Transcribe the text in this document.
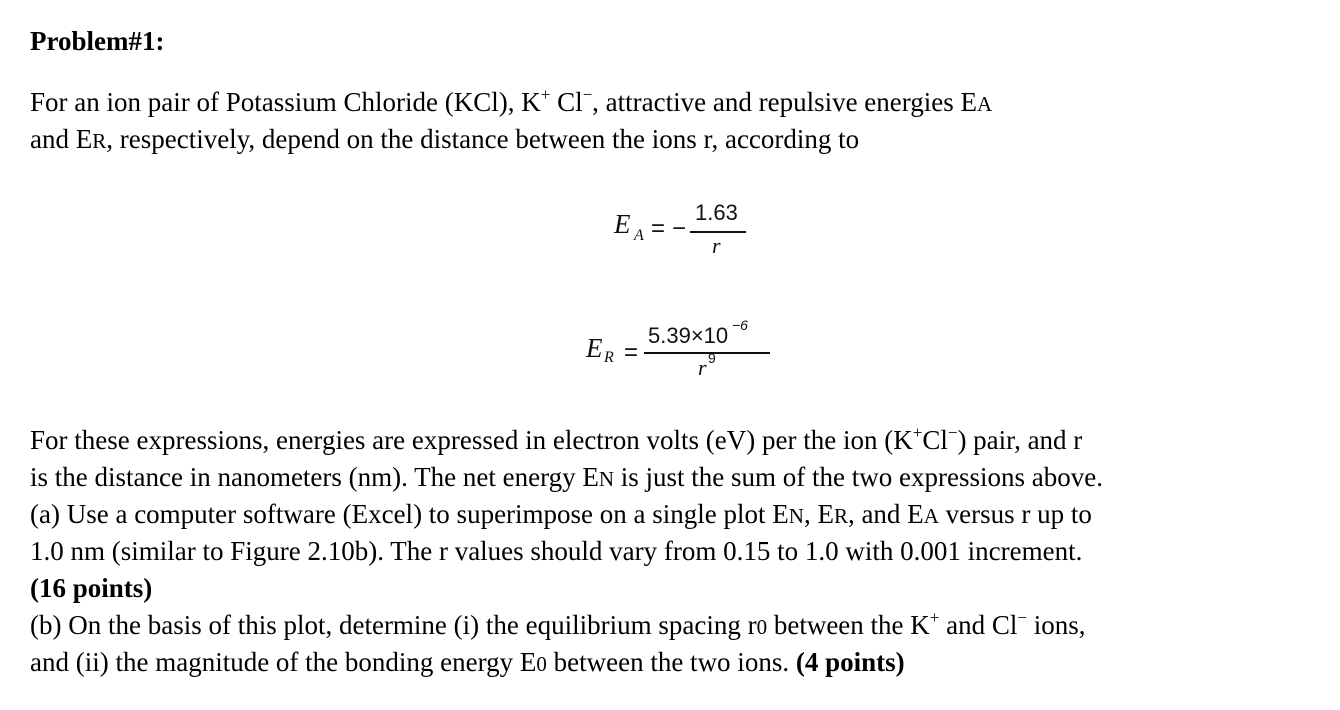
Problem#1:
For an ion pair of Potassium Chloride (KCl), K+ Cl−, attractive and repulsive energies EA
and ER, respectively, depend on the distance between the ions r, according to
E A = −
1.63
r
E R =
5.39×10 −6
r 9
For these expressions, energies are expressed in electron volts (eV) per the ion (K+Cl−) pair, and r
is the distance in nanometers (nm). The net energy EN is just the sum of the two expressions above.
(a) Use a computer software (Excel) to superimpose on a single plot EN, ER, and EA versus r up to
1.0 nm (similar to Figure 2.10b). The r values should vary from 0.15 to 1.0 with 0.001 increment.
(16 points)
(b) On the basis of this plot, determine (i) the equilibrium spacing r0 between the K+ and Cl− ions,
and (ii) the magnitude of the bonding energy E0 between the two ions. (4 points)
